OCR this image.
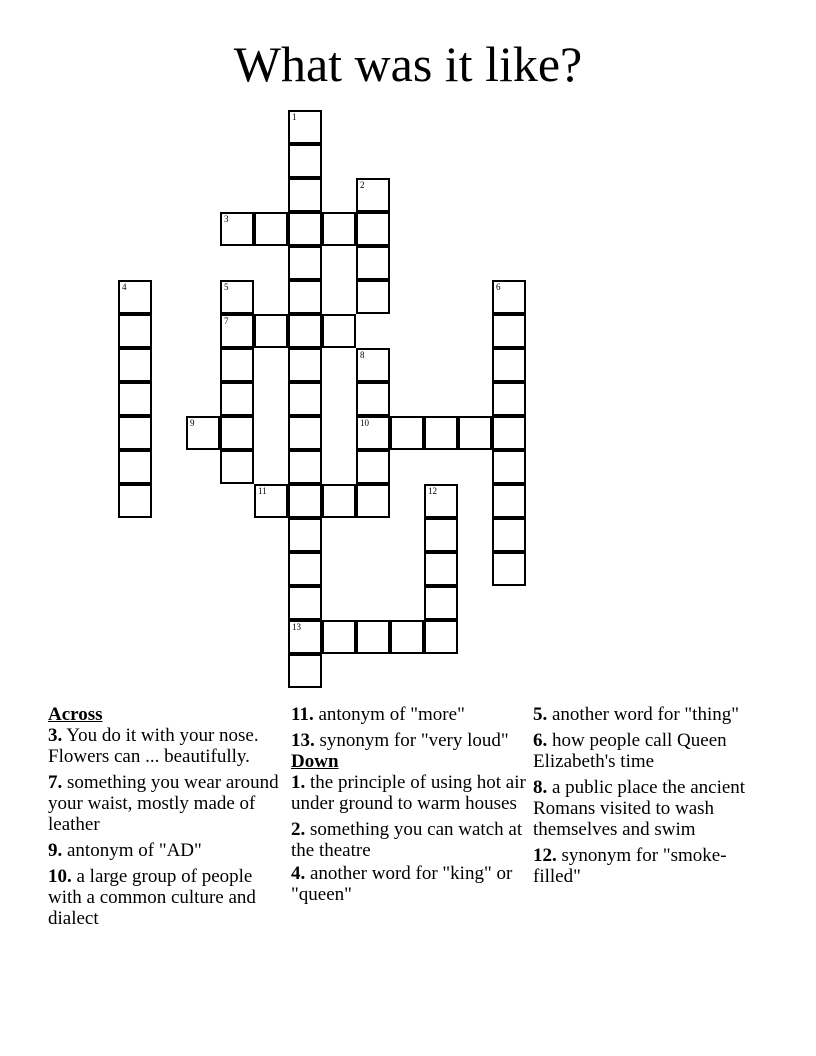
What was it like?
1
13
2
3
4	5
7
6
8
10
9
11	12
Across
3. You do it with your nose. Flowers can ... beautifully.
7. something you wear around your waist, mostly made of leather
9. antonym of "AD"
10. a large group of people with a common culture and dialect
11. antonym of "more"
13. synonym for "very loud"
Down
1. the principle of using hot air under ground to warm houses
2. something you can watch at the theatre
4. another word for "king" or "queen"
5. another word for "thing"
6. how people call Queen Elizabeth's time
8. a public place the ancient Romans visited to wash themselves and swim
12. synonym for "smoke-filled"
